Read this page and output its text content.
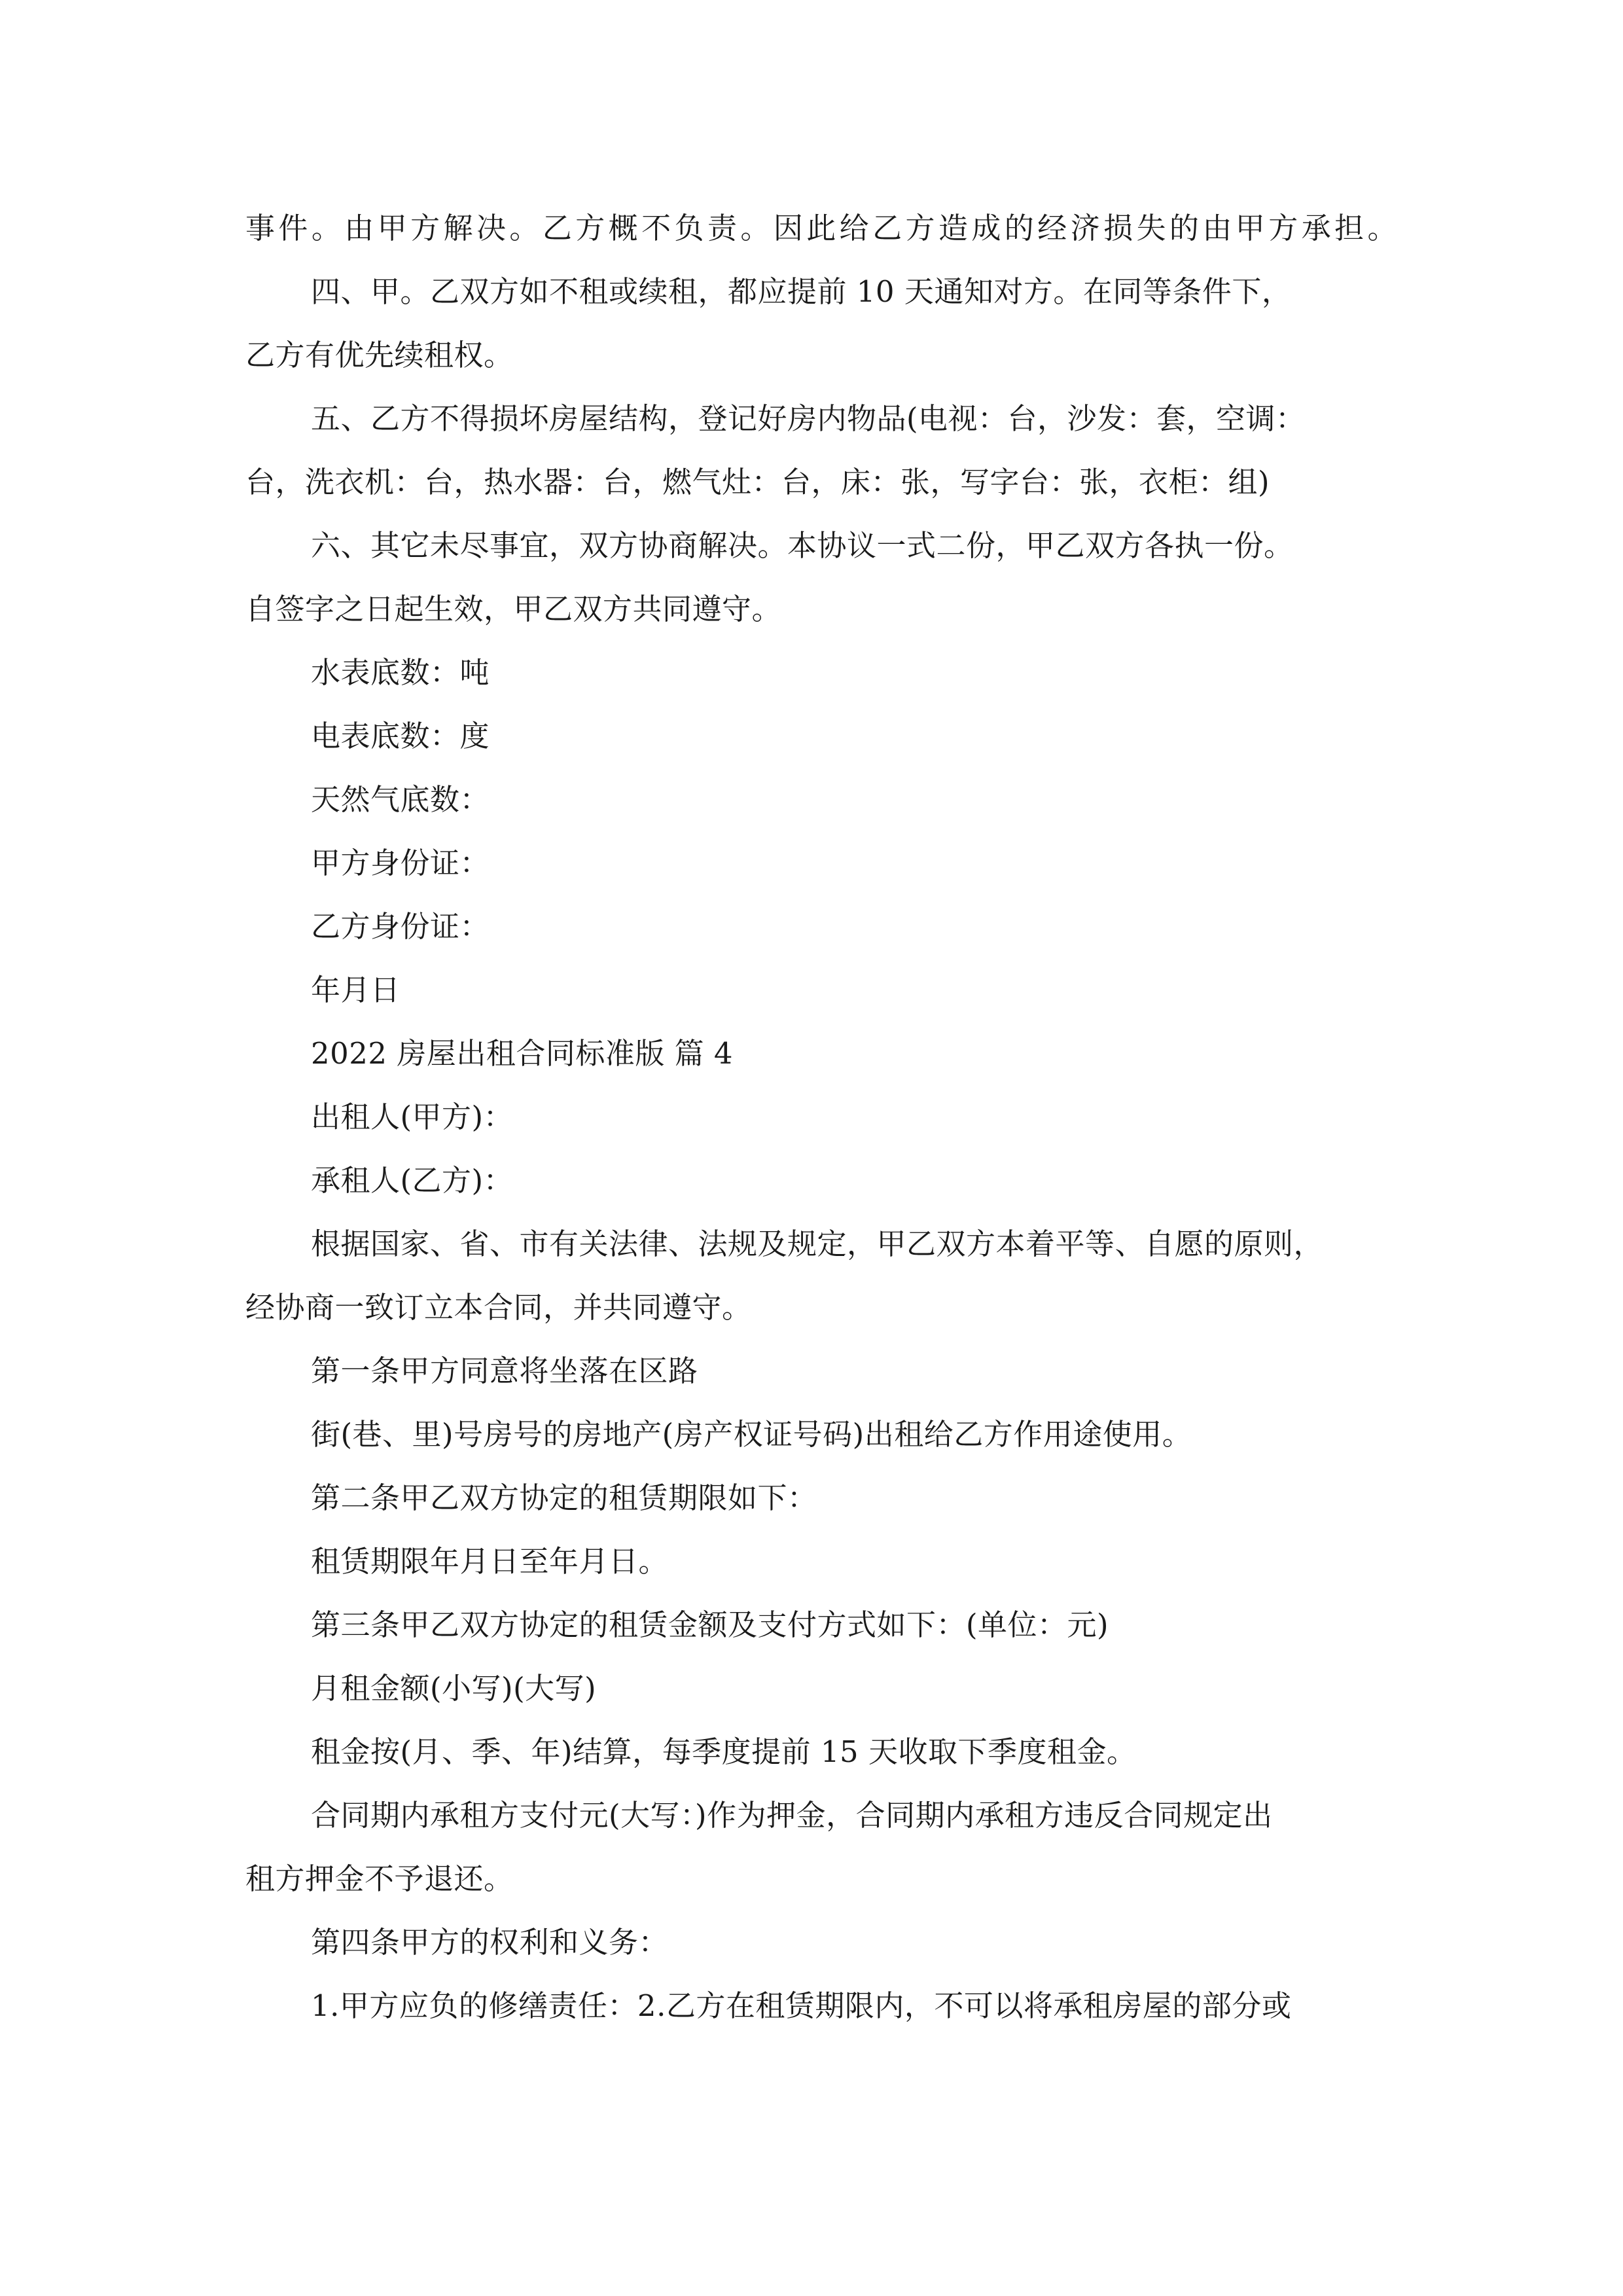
事件。由甲方解决。乙方概不负责。因此给乙方造成的经济损失的由甲方承担。
四、甲。乙双方如不租或续租，都应提前 10 天通知对方。在同等条件下，
乙方有优先续租权。
五、乙方不得损坏房屋结构，登记好房内物品(电视：台，沙发：套，空调：
台，洗衣机：台，热水器：台，燃气灶：台，床：张，写字台：张，衣柜：组)
六、其它未尽事宜，双方协商解决。本协议一式二份，甲乙双方各执一份。
自签字之日起生效，甲乙双方共同遵守。
水表底数：吨
电表底数：度
天然气底数：
甲方身份证：
乙方身份证：
年月日
2022 房屋出租合同标准版 篇 4
出租人(甲方)：
承租人(乙方)：
根据国家、省、市有关法律、法规及规定，甲乙双方本着平等、自愿的原则，
经协商一致订立本合同，并共同遵守。
第一条甲方同意将坐落在区路
街(巷、里)号房号的房地产(房产权证号码)出租给乙方作用途使用。
第二条甲乙双方协定的租赁期限如下：
租赁期限年月日至年月日。
第三条甲乙双方协定的租赁金额及支付方式如下：(单位：元)
月租金额(小写)(大写)
租金按(月、季、年)结算，每季度提前 15 天收取下季度租金。
合同期内承租方支付元(大写：)作为押金，合同期内承租方违反合同规定出
租方押金不予退还。
第四条甲方的权利和义务：
1.甲方应负的修缮责任：2.乙方在租赁期限内，不可以将承租房屋的部分或
